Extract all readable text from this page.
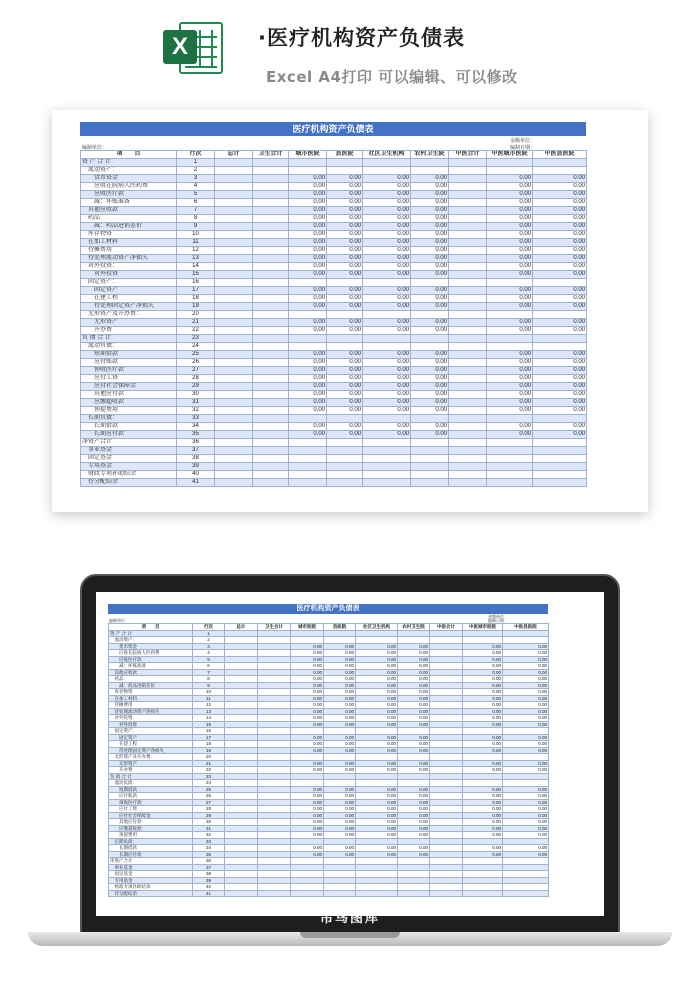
X	·医疗机构资产负债表
Excel A4打印 可以编辑、可以修改
医疗机构资产负债表
编制单位：
金额单位：
编制日期：
项　　目	行次	总计	卫生合计	城市医院	县医院	社区卫生机构	农村卫生院	中医合计	中医城市医院	中医县医院
资 产 合 计	1									
　流动资产：	2									
　　货币资金	3			0.00	0.00	0.00	0.00		0.00	0.00
　　应收在院病人医药费	4			0.00	0.00	0.00	0.00		0.00	0.00
　　应收医疗款	5			0.00	0.00	0.00	0.00		0.00	0.00
　　减：坏账准备	6			0.00	0.00	0.00	0.00		0.00	0.00
　其他应收款	7			0.00	0.00	0.00	0.00		0.00	0.00
　药品	8			0.00	0.00	0.00	0.00		0.00	0.00
　　减：药品进销差价	9			0.00	0.00	0.00	0.00		0.00	0.00
　库存物资	10			0.00	0.00	0.00	0.00		0.00	0.00
　在加工材料	11			0.00	0.00	0.00	0.00		0.00	0.00
　待摊费用	12			0.00	0.00	0.00	0.00		0.00	0.00
　待处理流动资产净损失	13			0.00	0.00	0.00	0.00		0.00	0.00
　对外投资：	14			0.00	0.00	0.00	0.00		0.00	0.00
　　对外投资	15			0.00	0.00	0.00	0.00		0.00	0.00
　固定资产：	16									
　　固定资产	17			0.00	0.00	0.00	0.00		0.00	0.00
　　在建工程	18			0.00	0.00	0.00	0.00		0.00	0.00
　　待处理固定资产净损失	19			0.00	0.00	0.00	0.00		0.00	0.00
　无形资产及开办费：	20									
　　无形资产	21			0.00	0.00	0.00	0.00		0.00	0.00
　　开办费	22			0.00	0.00	0.00	0.00		0.00	0.00
负 债 合 计	23									
　流动负债：	24									
　　短期借款	25			0.00	0.00	0.00	0.00		0.00	0.00
　　应付账款	26			0.00	0.00	0.00	0.00		0.00	0.00
　　预收医疗款	27			0.00	0.00	0.00	0.00		0.00	0.00
　　应付工资	28			0.00	0.00	0.00	0.00		0.00	0.00
　　应付社会保障金	29			0.00	0.00	0.00	0.00		0.00	0.00
　　其他应付款	30			0.00	0.00	0.00	0.00		0.00	0.00
　　应缴超收款	31			0.00	0.00	0.00	0.00		0.00	0.00
　　预提费用	32			0.00	0.00	0.00	0.00		0.00	0.00
　长期负债：	33									
　　长期借款	34			0.00	0.00	0.00	0.00		0.00	0.00
　　长期应付款	35			0.00	0.00	0.00	0.00		0.00	0.00
净资产合计	36									
　事业基金	37									
　固定基金	38									
　专用基金	39									
　财政专项补助结余	40									
　待分配结余	41									
医疗机构资产负债表
编制单位：
金额单位：
编制日期：
项　　目	行次	总计	卫生合计	城市医院	县医院	社区卫生机构	农村卫生院	中医合计	中医城市医院	中医县医院
资 产 合 计	1									
　流动资产：	2									
　　货币资金	3			0.00	0.00	0.00	0.00		0.00	0.00
　　应收在院病人医药费	4			0.00	0.00	0.00	0.00		0.00	0.00
　　应收医疗款	5			0.00	0.00	0.00	0.00		0.00	0.00
　　减：坏账准备	6			0.00	0.00	0.00	0.00		0.00	0.00
　其他应收款	7			0.00	0.00	0.00	0.00		0.00	0.00
　药品	8			0.00	0.00	0.00	0.00		0.00	0.00
　　减：药品进销差价	9			0.00	0.00	0.00	0.00		0.00	0.00
　库存物资	10			0.00	0.00	0.00	0.00		0.00	0.00
　在加工材料	11			0.00	0.00	0.00	0.00		0.00	0.00
　待摊费用	12			0.00	0.00	0.00	0.00		0.00	0.00
　待处理流动资产净损失	13			0.00	0.00	0.00	0.00		0.00	0.00
　对外投资：	14			0.00	0.00	0.00	0.00		0.00	0.00
　　对外投资	15			0.00	0.00	0.00	0.00		0.00	0.00
　固定资产：	16									
　　固定资产	17			0.00	0.00	0.00	0.00		0.00	0.00
　　在建工程	18			0.00	0.00	0.00	0.00		0.00	0.00
　　待处理固定资产净损失	19			0.00	0.00	0.00	0.00		0.00	0.00
　无形资产及开办费：	20									
　　无形资产	21			0.00	0.00	0.00	0.00		0.00	0.00
　　开办费	22			0.00	0.00	0.00	0.00		0.00	0.00
负 债 合 计	23									
　流动负债：	24									
　　短期借款	25			0.00	0.00	0.00	0.00		0.00	0.00
　　应付账款	26			0.00	0.00	0.00	0.00		0.00	0.00
　　预收医疗款	27			0.00	0.00	0.00	0.00		0.00	0.00
　　应付工资	28			0.00	0.00	0.00	0.00		0.00	0.00
　　应付社会保障金	29			0.00	0.00	0.00	0.00		0.00	0.00
　　其他应付款	30			0.00	0.00	0.00	0.00		0.00	0.00
　　应缴超收款	31			0.00	0.00	0.00	0.00		0.00	0.00
　　预提费用	32			0.00	0.00	0.00	0.00		0.00	0.00
　长期负债：	33									
　　长期借款	34			0.00	0.00	0.00	0.00		0.00	0.00
　　长期应付款	35			0.00	0.00	0.00	0.00		0.00	0.00
净资产合计	36									
　事业基金	37									
　固定基金	38									
　专用基金	39									
　财政专项补助结余	40									
　待分配结余	41									
芾鸟图库
